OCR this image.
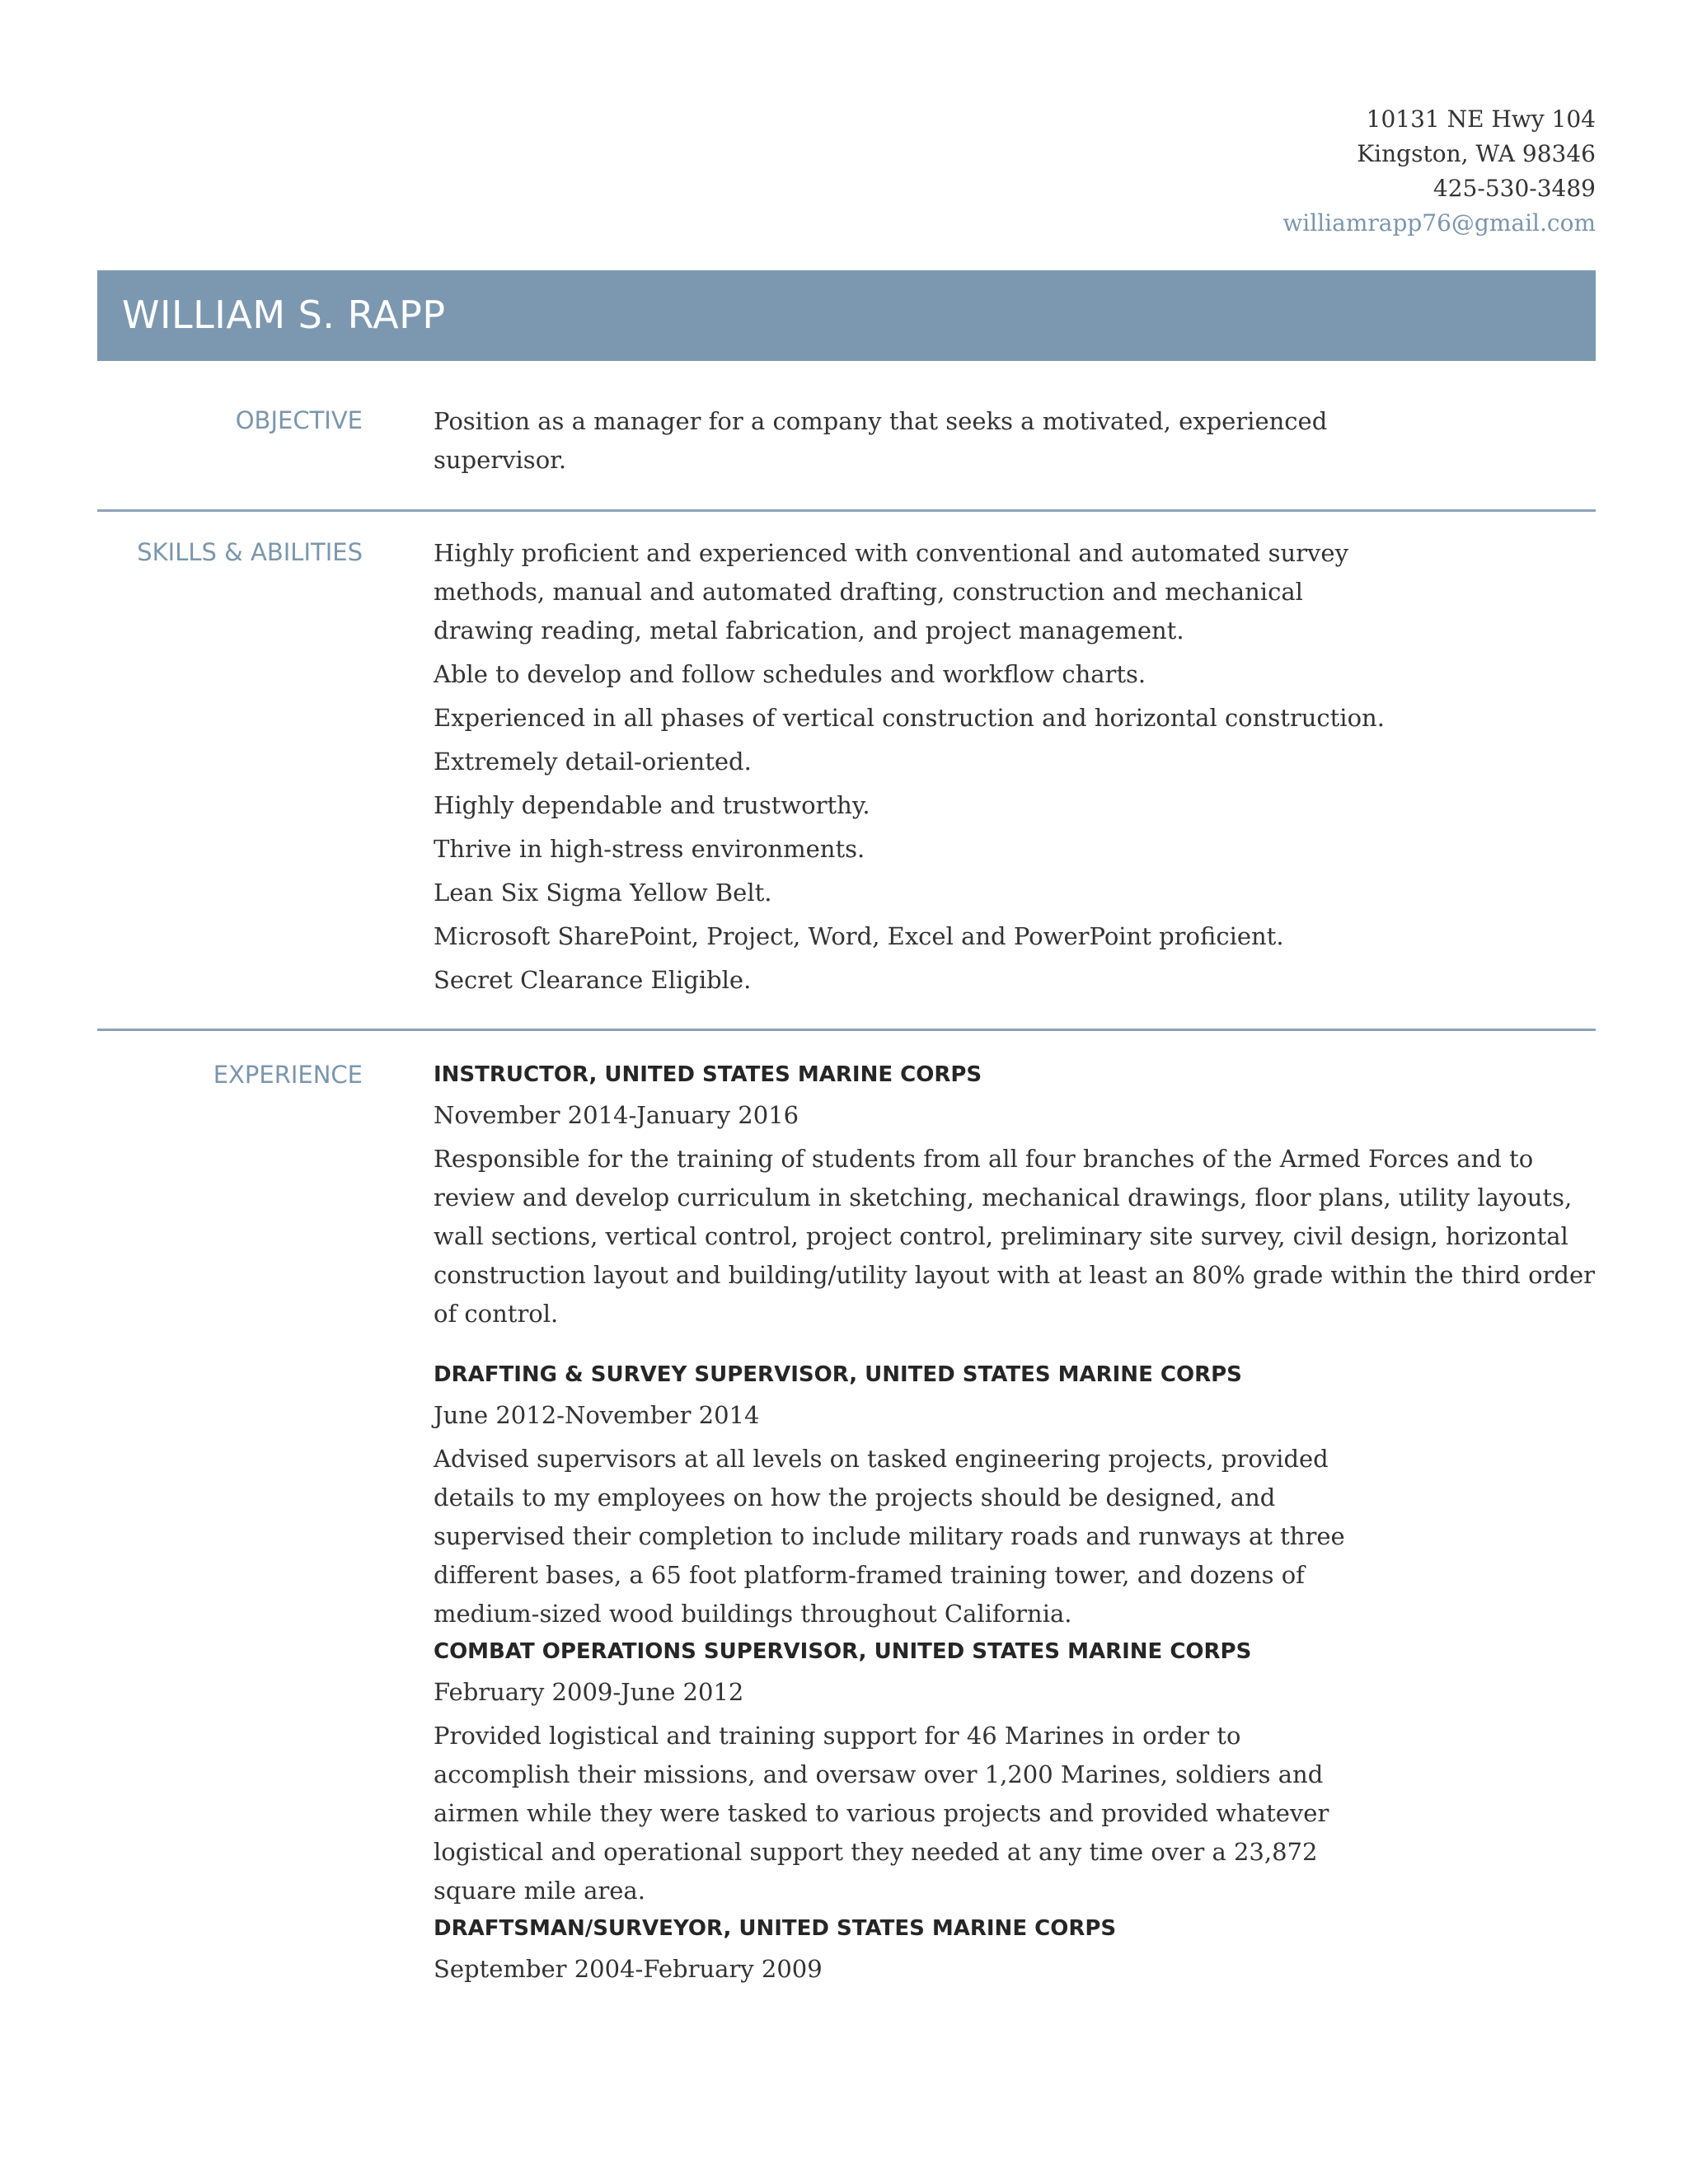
10131 NE Hwy 104
Kingston, WA 98346
425-530-3489
williamrapp76@gmail.com
WILLIAM S. RAPP
OBJECTIVE	Position as a manager for a company that seeks a motivated, experienced supervisor.

SKILLS & ABILITIES	Highly proficient and experienced with conventional and automated survey methods, manual and automated drafting, construction and mechanical drawing reading, metal fabrication, and project management.

Able to develop and follow schedules and workflow charts.

Experienced in all phases of vertical construction and horizontal construction.

Extremely detail-oriented.

Highly dependable and trustworthy.

Thrive in high-stress environments.

Lean Six Sigma Yellow Belt.

Microsoft SharePoint, Project, Word, Excel and PowerPoint proficient.

Secret Clearance Eligible.

EXPERIENCE	INSTRUCTOR, UNITED STATES MARINE CORPS

November 2014-January 2016

Responsible for the training of students from all four branches of the Armed Forces and to review and develop curriculum in sketching, mechanical drawings, floor plans, utility layouts, wall sections, vertical control, project control, preliminary site survey, civil design, horizontal construction layout and building/utility layout with at least an 80% grade within the third order of control.

DRAFTING & SURVEY SUPERVISOR, UNITED STATES MARINE CORPS

June 2012-November 2014

Advised supervisors at all levels on tasked engineering projects, provided details to my employees on how the projects should be designed, and supervised their completion to include military roads and runways at three different bases, a 65 foot platform-framed training tower, and dozens of medium-sized wood buildings throughout California.

COMBAT OPERATIONS SUPERVISOR, UNITED STATES MARINE CORPS

February 2009-June 2012

Provided logistical and training support for 46 Marines in order to accomplish their missions, and oversaw over 1,200 Marines, soldiers and airmen while they were tasked to various projects and provided whatever logistical and operational support they needed at any time over a 23,872 square mile area.

DRAFTSMAN/SURVEYOR, UNITED STATES MARINE CORPS

September 2004-February 2009
